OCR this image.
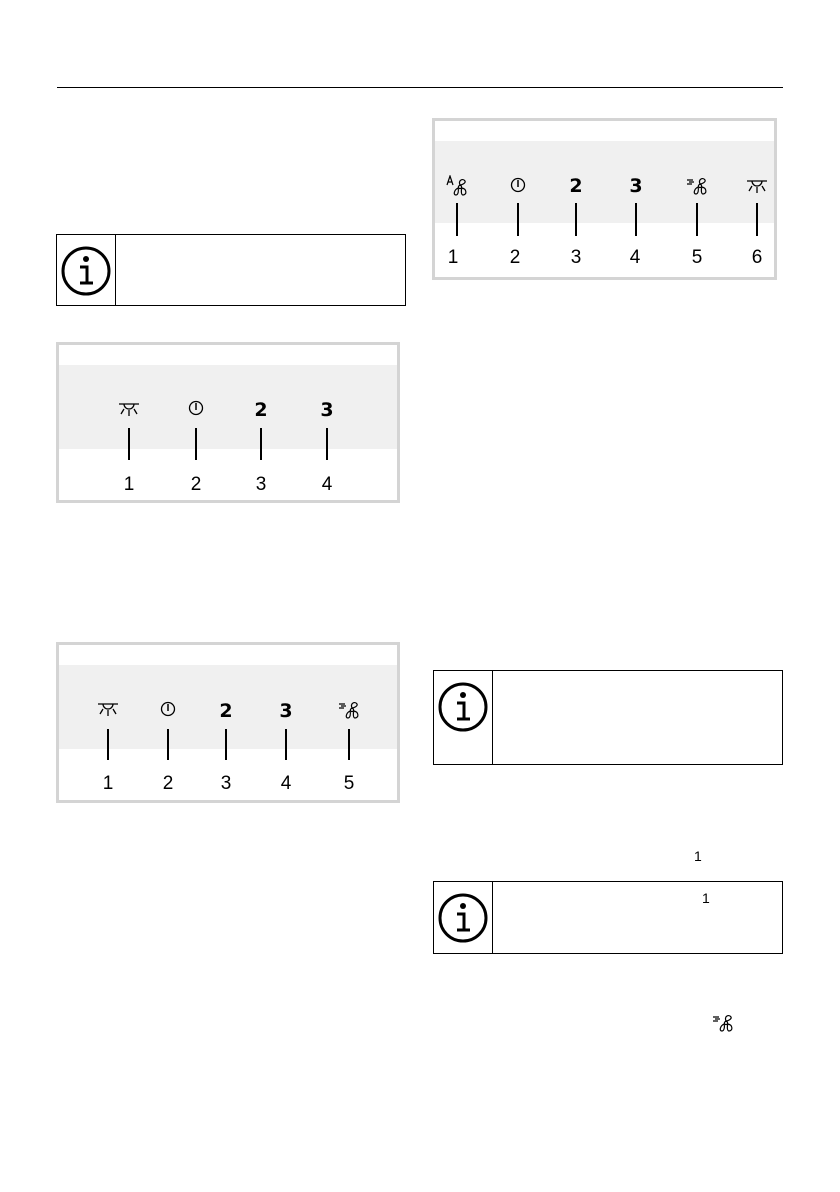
2	3
1	2	3	4
2 3
1	2 3	4	5
2 3
1	2	3	4	5	6
1
1
